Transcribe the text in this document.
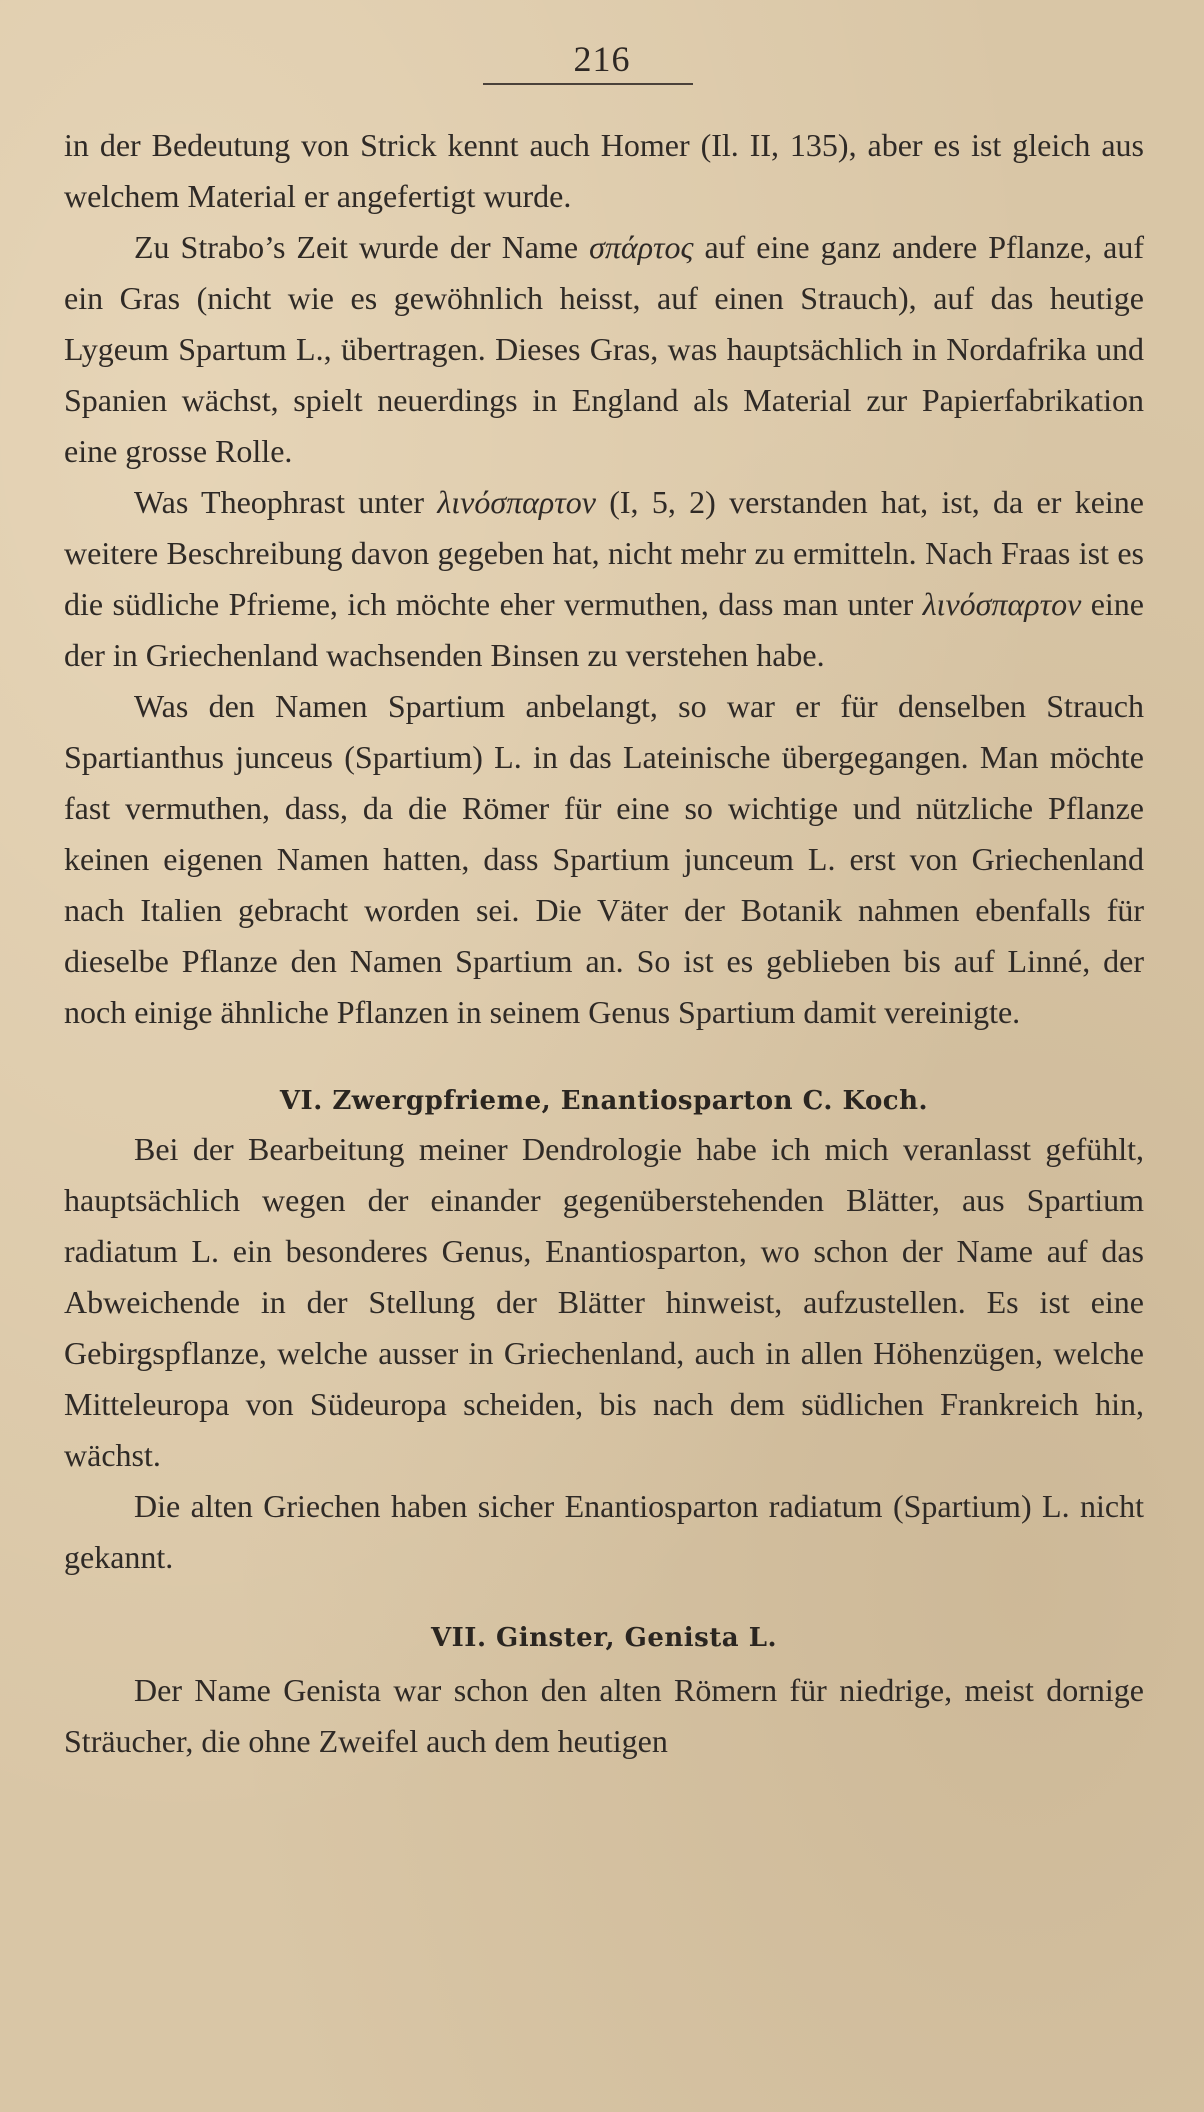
216

in der Bedeutung von Strick kennt auch Homer (Il. II, 135), aber es ist gleich aus welchem Material er angefertigt wurde.

Zu Strabo’s Zeit wurde der Name σπάρτος auf eine ganz andere Pflanze, auf ein Gras (nicht wie es gewöhnlich heisst, auf einen Strauch), auf das heutige Lygeum Spartum L., übertragen. Dieses Gras, was hauptsächlich in Nordafrika und Spanien wächst, spielt neuerdings in England als Material zur Papierfabrikation eine grosse Rolle.

Was Theophrast unter λινόσπαρτον (I, 5, 2) verstanden hat, ist, da er keine weitere Beschreibung davon gegeben hat, nicht mehr zu ermitteln. Nach Fraas ist es die südliche Pfrieme, ich möchte eher vermuthen, dass man unter λινόσπαρτον eine der in Griechenland wachsenden Binsen zu verstehen habe.

Was den Namen Spartium anbelangt, so war er für denselben Strauch Spartianthus junceus (Spartium) L. in das Lateinische übergegangen. Man möchte fast vermuthen, dass, da die Römer für eine so wichtige und nützliche Pflanze keinen eigenen Namen hatten, dass Spartium junceum L. erst von Griechenland nach Italien gebracht worden sei. Die Väter der Botanik nahmen ebenfalls für dieselbe Pflanze den Namen Spartium an. So ist es geblieben bis auf Linné, der noch einige ähnliche Pflanzen in seinem Genus Spartium damit vereinigte.

VI. Zwergpfrieme, Enantiosparton C. Koch.

Bei der Bearbeitung meiner Dendrologie habe ich mich veranlasst gefühlt, hauptsächlich wegen der einander gegenüberstehenden Blätter, aus Spartium radiatum L. ein besonderes Genus, Enantiosparton, wo schon der Name auf das Abweichende in der Stellung der Blätter hinweist, aufzustellen. Es ist eine Gebirgspflanze, welche ausser in Griechenland, auch in allen Höhenzügen, welche Mitteleuropa von Südeuropa scheiden, bis nach dem südlichen Frankreich hin, wächst.

Die alten Griechen haben sicher Enantiosparton radiatum (Spartium) L. nicht gekannt.

VII. Ginster, Genista L.

Der Name Genista war schon den alten Römern für niedrige, meist dornige Sträucher, die ohne Zweifel auch dem heutigen
